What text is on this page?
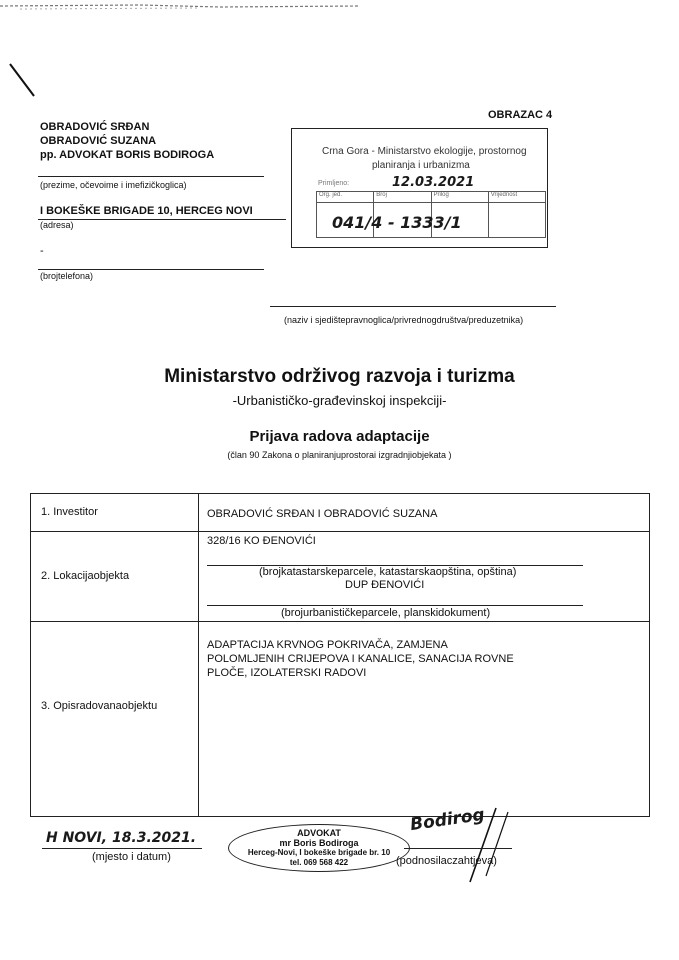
OBRAZAC 4
OBRADOVIĆ SRĐAN
OBRADOVIĆ SUZANA
pp. ADVOKAT BORIS BODIROGA
(prezime, očevoime i imefizičkoglica)
I BOKEŠKE BRIGADE 10, HERCEG NOVI
(adresa)
-
(brojtelefona)
Crna Gora - Ministarstvo ekologije, prostornog
planiranja i urbanizma
Primljeno:	12.03.2021
Org. jed.	Broj	Prilog	Vrijednost
041/4 - 1333/1
(naziv i sjedištepravnoglica/privrednogdruštva/preduzetnika)
Ministarstvo održivog razvoja i turizma
-Urbanističko-građevinskoj inspekciji-
Prijava radova adaptacije
(član 90 Zakona o planiranjuprostorai izgradnjiobjekata )
1. Investitor	OBRADOVIĆ SRĐAN I OBRADOVIĆ SUZANA
2. Lokacijaobjekta
328/16 KO ĐENOVIĆI
(brojkatastarskeparcele, katastarskaopština, opština)
DUP ĐENOVIĆI
(brojurbanističkeparcele, planskidokument)
3. Opisradovanaobjektu
ADAPTACIJA KRVNOG POKRIVAČA, ZAMJENA
POLOMLJENIH CRIJEPOVA I KANALICE, SANACIJA ROVNE
PLOČE, IZOLATERSKI RADOVI
H NOVI, 18.3.2021.
(mjesto i datum)
ADVOKAT
mr Boris Bodiroga
Herceg-Novi, I bokeške brigade br. 10
tel. 069 568 422
Bodirog
(podnosilaczahtjeva)
